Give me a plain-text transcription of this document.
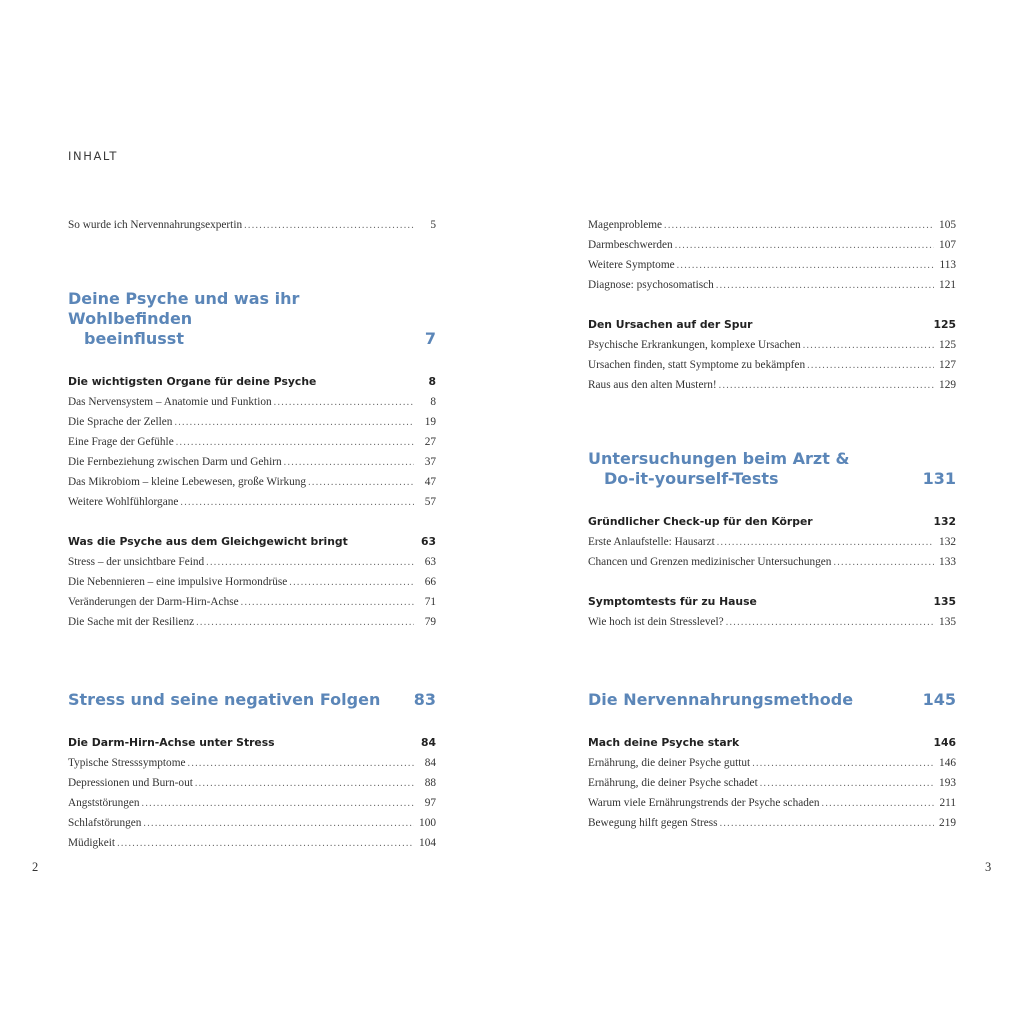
INHALT
So wurde ich Nervennahrungsexpertin . . .	5
Deine Psyche und was ihr Wohlbefinden
beeinflusst	7
Die wichtigsten Organe für deine Psyche	8
Das Nervensystem – Anatomie und Funktion . . .	8
Die Sprache der Zellen . . .	19
Eine Frage der Gefühle . . .	27
Die Fernbeziehung zwischen Darm und Gehirn . . .	37
Das Mikrobiom – kleine Lebewesen, große Wirkung . . .	47
Weitere Wohlfühlorgane . . .	57
Was die Psyche aus dem Gleichgewicht bringt	63
Stress – der unsichtbare Feind . . .	63
Die Nebennieren – eine impulsive Hormondrüse . . .	66
Veränderungen der Darm-Hirn-Achse . . .	71
Die Sache mit der Resilienz . . .	79
Stress und seine negativen Folgen 83
Die Darm-Hirn-Achse unter Stress	84
Typische Stresssymptome . . .	84
Depressionen und Burn-out . . .	88
Angststörungen . . .	97
Schlafstörungen . . .	100
Müdigkeit . . .	104
Magenprobleme . . .	105
Darmbeschwerden . . .	107
Weitere Symptome . . .	113
Diagnose: psychosomatisch . . .	121
Den Ursachen auf der Spur	125
Psychische Erkrankungen, komplexe Ursachen . . .	125
Ursachen finden, statt Symptome zu bekämpfen . . .	127
Raus aus den alten Mustern! . . .	129
Untersuchungen beim Arzt &
Do-it-yourself-Tests	131
Gründlicher Check-up für den Körper	132
Erste Anlaufstelle: Hausarzt . . .	132
Chancen und Grenzen medizinischer Untersuchungen . . .	133
Symptomtests für zu Hause	135
Wie hoch ist dein Stresslevel? . . .	135
Die Nervennahrungsmethode	145
Mach deine Psyche stark	146
Ernährung, die deiner Psyche guttut . . .	146
Ernährung, die deiner Psyche schadet . . .	193
Warum viele Ernährungstrends der Psyche schaden . . .	211
Bewegung hilft gegen Stress . . .	219
2	3
